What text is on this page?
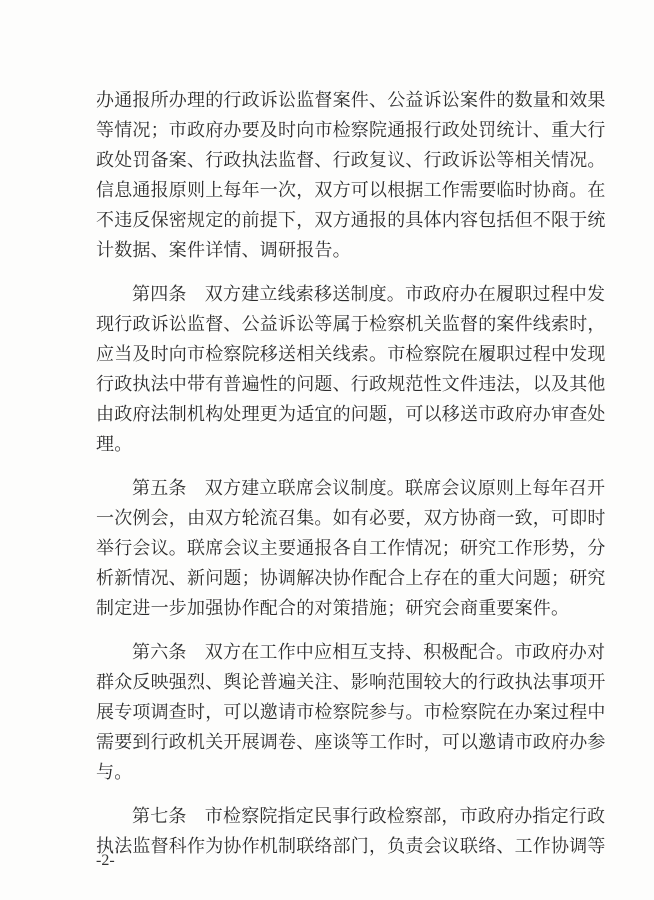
办通报所办理的行政诉讼监督案件、公益诉讼案件的数量和效果
等情况；市政府办要及时向市检察院通报行政处罚统计、重大行
政处罚备案、行政执法监督、行政复议、行政诉讼等相关情况。
信息通报原则上每年一次，双方可以根据工作需要临时协商。在
不违反保密规定的前提下，双方通报的具体内容包括但不限于统
计数据、案件详情、调研报告。
第四条　双方建立线索移送制度。市政府办在履职过程中发
现行政诉讼监督、公益诉讼等属于检察机关监督的案件线索时，
应当及时向市检察院移送相关线索。市检察院在履职过程中发现
行政执法中带有普遍性的问题、行政规范性文件违法，以及其他
由政府法制机构处理更为适宜的问题，可以移送市政府办审查处
理。
第五条　双方建立联席会议制度。联席会议原则上每年召开
一次例会，由双方轮流召集。如有必要，双方协商一致，可即时
举行会议。联席会议主要通报各自工作情况；研究工作形势，分
析新情况、新问题；协调解决协作配合上存在的重大问题；研究
制定进一步加强协作配合的对策措施；研究会商重要案件。
第六条　双方在工作中应相互支持、积极配合。市政府办对
群众反映强烈、舆论普遍关注、影响范围较大的行政执法事项开
展专项调查时，可以邀请市检察院参与。市检察院在办案过程中
需要到行政机关开展调卷、座谈等工作时，可以邀请市政府办参
与。
第七条　市检察院指定民事行政检察部，市政府办指定行政
执法监督科作为协作机制联络部门，负责会议联络、工作协调等
-2-
